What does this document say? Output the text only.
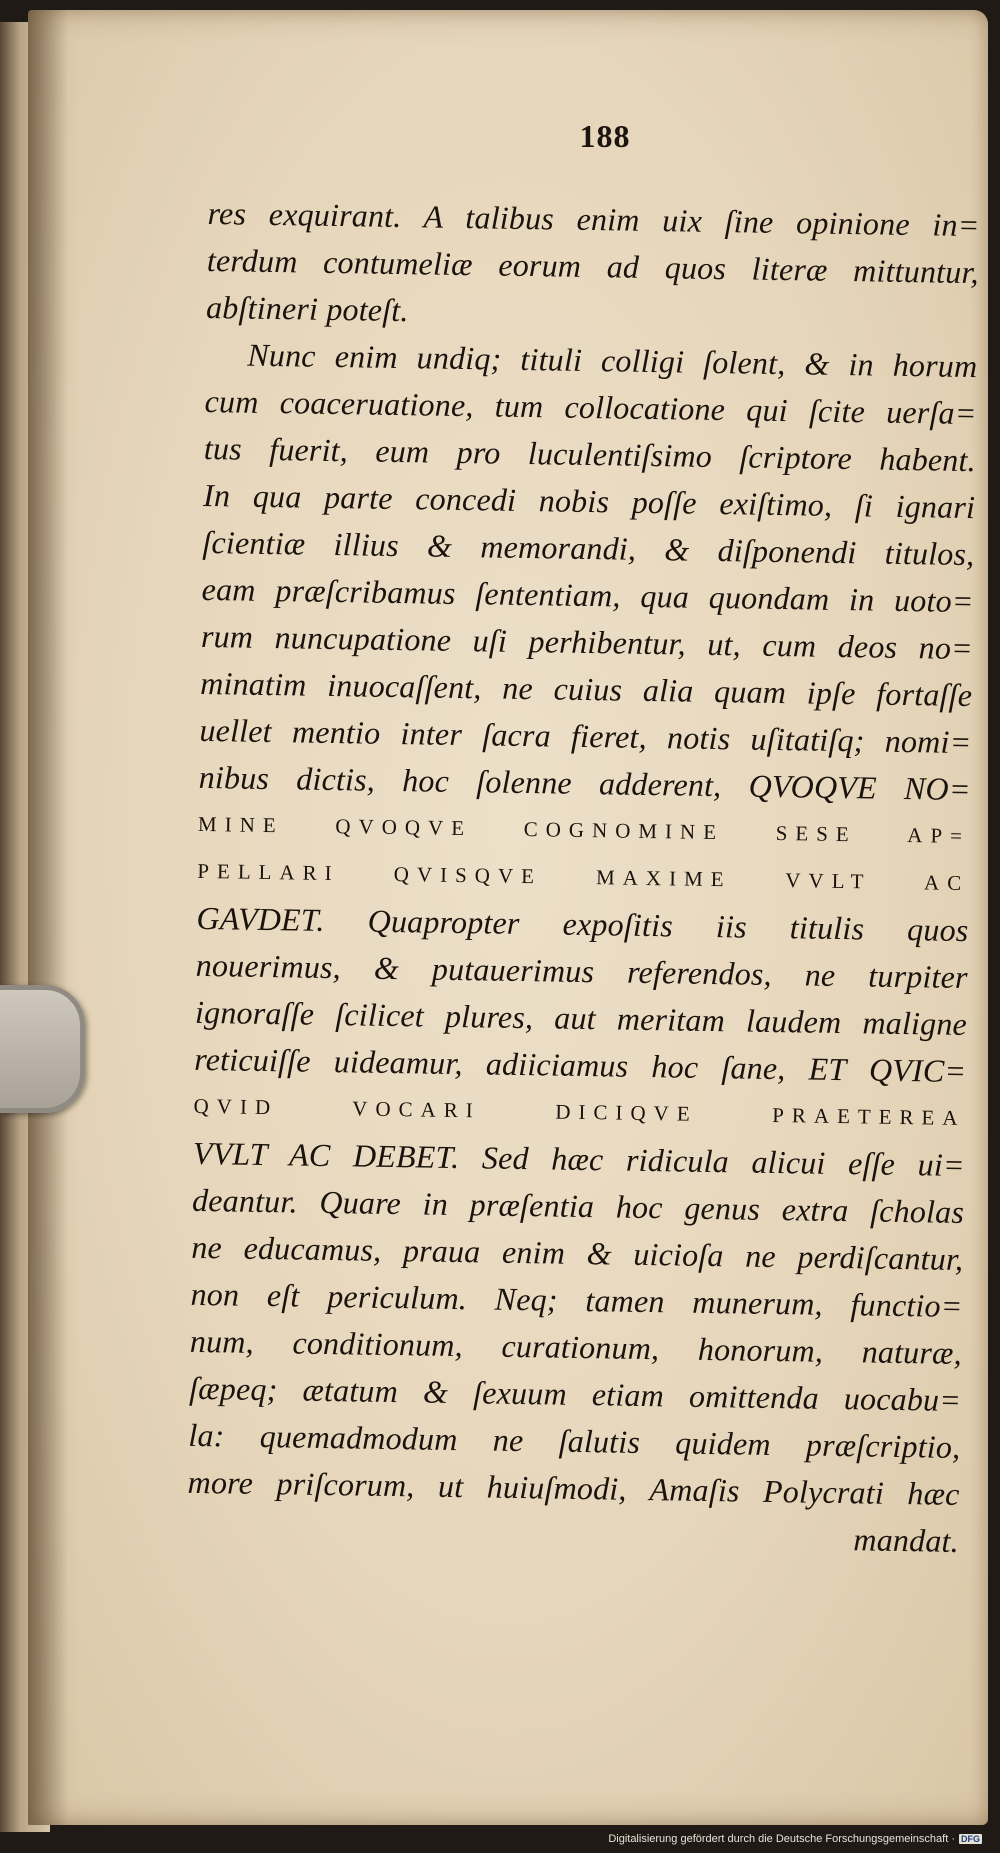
188
res exquirant. A talibus enim uix ſine opinione in=
terdum contumeliæ eorum ad quos literæ mittuntur,
abſtineri poteſt.
Nunc enim undiq; tituli colligi ſolent, & in horum
cum coaceruatione, tum collocatione qui ſcite uerſa=
tus fuerit, eum pro luculentiſsimo ſcriptore habent.
In qua parte concedi nobis poſſe exiſtimo, ſi ignari
ſcientiæ illius & memorandi, & diſponendi titulos,
eam præſcribamus ſententiam, qua quondam in uoto=
rum nuncupatione uſi perhibentur, ut, cum deos no=
minatim inuocaſſent, ne cuius alia quam ipſe fortaſſe
uellet mentio inter ſacra fieret, notis uſitatiſq; nomi=
nibus dictis, hoc ſolenne adderent, QVOQVE NO=
MINE QVOQVE COGNOMINE SESE AP=
PELLARI QVISQVE MAXIME VVLT AC
GAVDET. Quapropter expoſitis iis titulis quos
nouerimus, & putauerimus referendos, ne turpiter
ignoraſſe ſcilicet plures, aut meritam laudem maligne
reticuiſſe uideamur, adiiciamus hoc ſane, ET QVIC=
QVID VOCARI DICIQVE PRAETEREA
VVLT AC DEBET. Sed hæc ridicula alicui eſſe ui=
deantur. Quare in præſentia hoc genus extra ſcholas
ne educamus, praua enim & uicioſa ne perdiſcantur,
non eſt periculum. Neq; tamen munerum, functio=
num, conditionum, curationum, honorum, naturæ,
ſæpeq; ætatum & ſexuum etiam omittenda uocabu=
la: quemadmodum ne ſalutis quidem præſcriptio,
more priſcorum, ut huiuſmodi, Amaſis Polycrati hæc
mandat.
Digitalisierung gefördert durch die Deutsche Forschungsgemeinschaft · DFG
